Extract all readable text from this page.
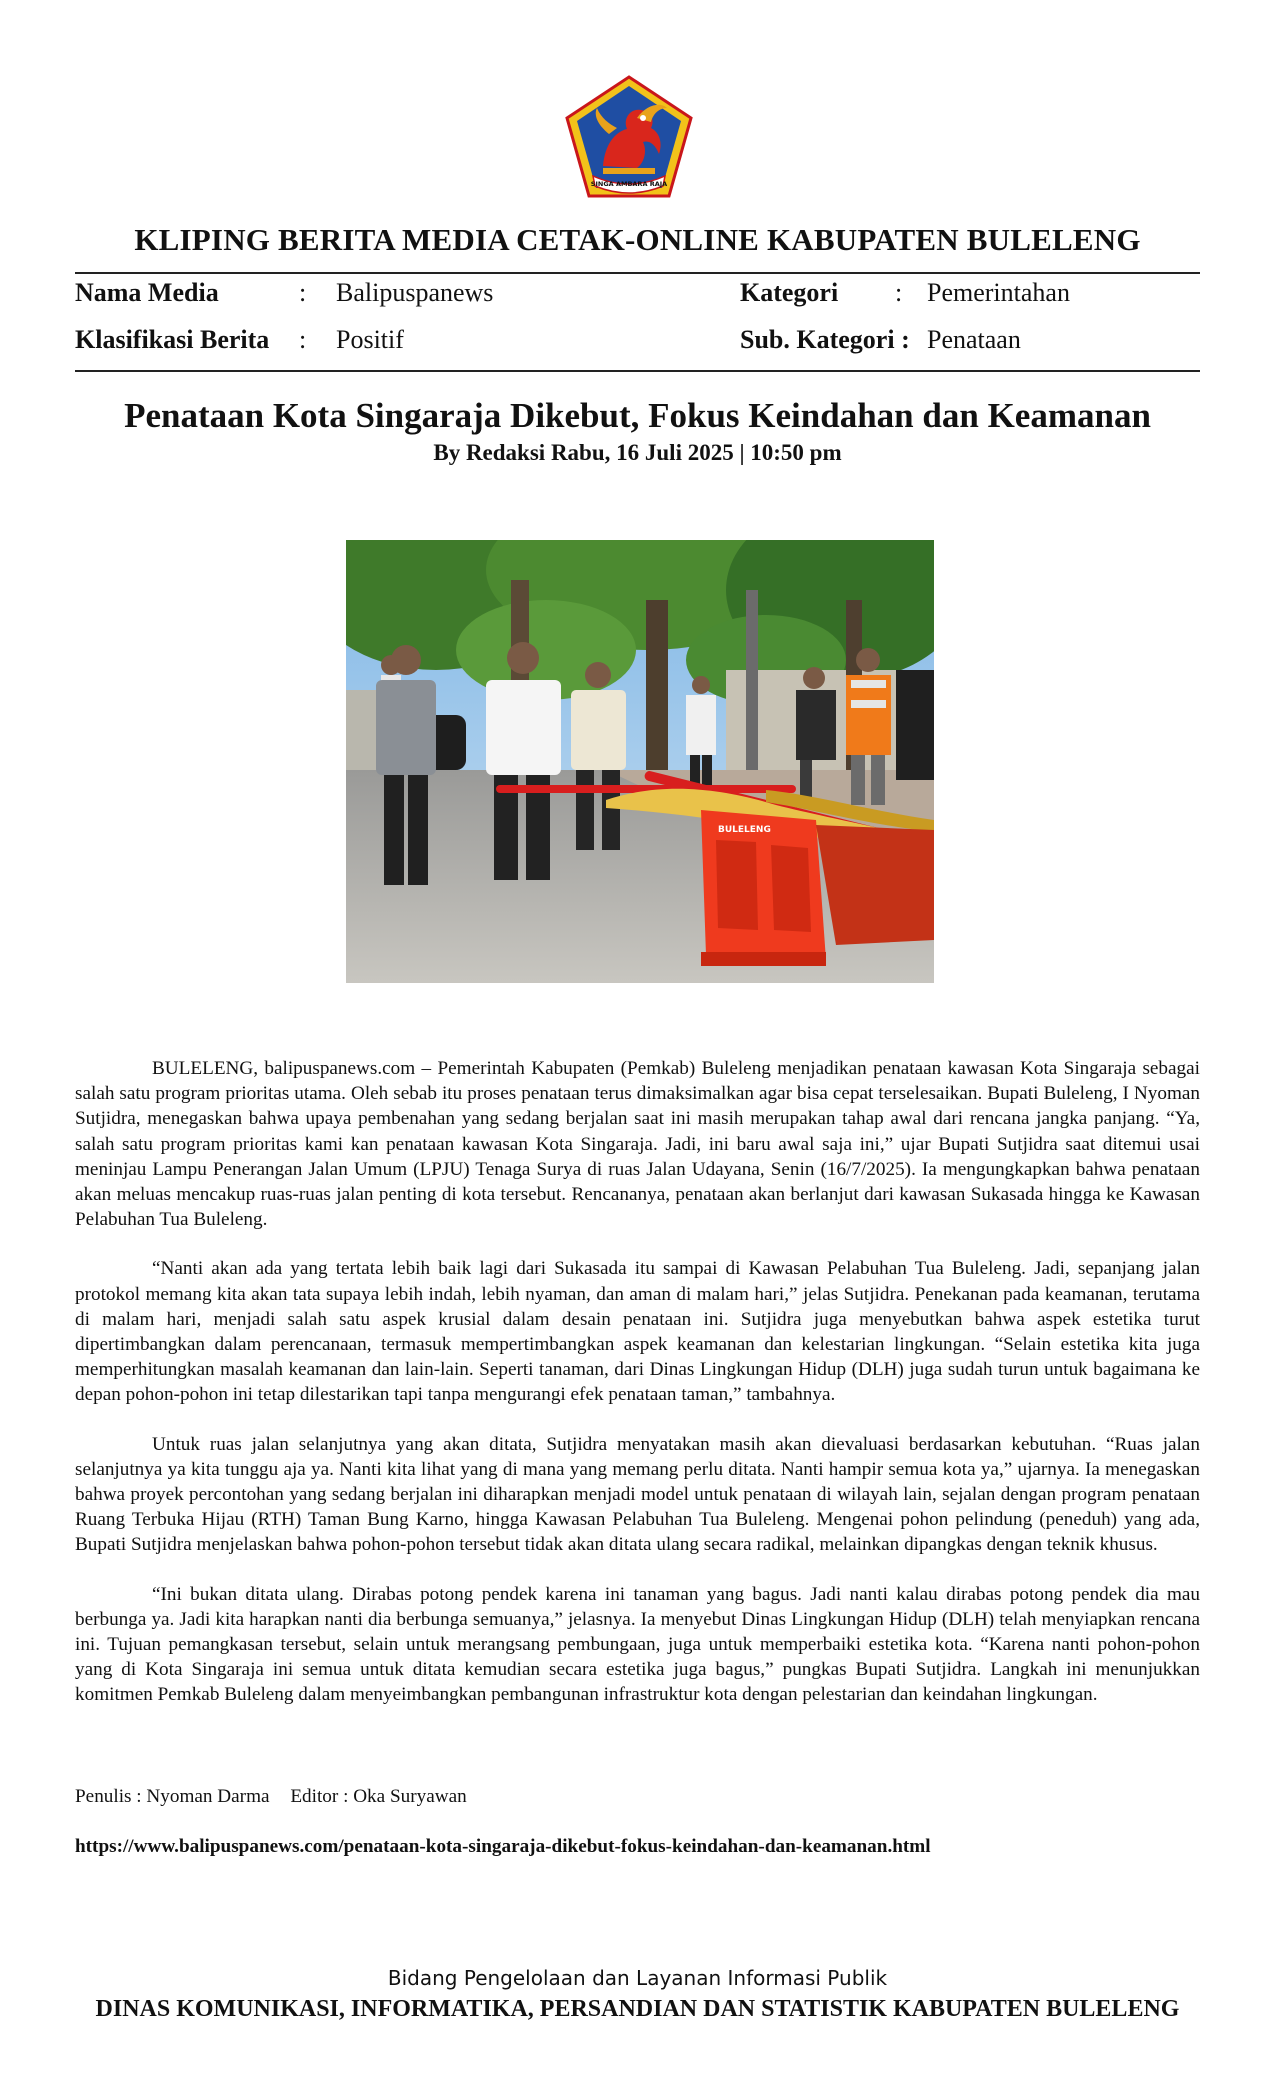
SINGA AMBARA RAJA
KLIPING BERITA MEDIA CETAK-ONLINE KABUPATEN BULELENG
Nama Media	: Balipuspanews	Kategori : Pemerintahan
Klasifikasi Berita : Positif	Sub. Kategori : Penataan
Penataan Kota Singaraja Dikebut, Fokus Keindahan dan Keamanan
By Redaksi Rabu, 16 Juli 2025 | 10:50 pm
BULELENG

BULELENG, balipuspanews.com – Pemerintah Kabupaten (Pemkab) Buleleng menjadikan penataan kawasan Kota Singaraja sebagai salah satu program prioritas utama. Oleh sebab itu proses penataan terus dimaksimalkan agar bisa cepat terselesaikan. Bupati Buleleng, I Nyoman Sutjidra, menegaskan bahwa upaya pembenahan yang sedang berjalan saat ini masih merupakan tahap awal dari rencana jangka panjang. “Ya, salah satu program prioritas kami kan penataan kawasan Kota Singaraja. Jadi, ini baru awal saja ini,” ujar Bupati Sutjidra saat ditemui usai meninjau Lampu Penerangan Jalan Umum (LPJU) Tenaga Surya di ruas Jalan Udayana, Senin (16/7/2025). Ia mengungkapkan bahwa penataan akan meluas mencakup ruas-ruas jalan penting di kota tersebut. Rencananya, penataan akan berlanjut dari kawasan Sukasada hingga ke Kawasan Pelabuhan Tua Buleleng.

“Nanti akan ada yang tertata lebih baik lagi dari Sukasada itu sampai di Kawasan Pelabuhan Tua Buleleng. Jadi, sepanjang jalan protokol memang kita akan tata supaya lebih indah, lebih nyaman, dan aman di malam hari,” jelas Sutjidra. Penekanan pada keamanan, terutama di malam hari, menjadi salah satu aspek krusial dalam desain penataan ini. Sutjidra juga menyebutkan bahwa aspek estetika turut dipertimbangkan dalam perencanaan, termasuk mempertimbangkan aspek keamanan dan kelestarian lingkungan. “Selain estetika kita juga memperhitungkan masalah keamanan dan lain-lain. Seperti tanaman, dari Dinas Lingkungan Hidup (DLH) juga sudah turun untuk bagaimana ke depan pohon-pohon ini tetap dilestarikan tapi tanpa mengurangi efek penataan taman,” tambahnya.

Untuk ruas jalan selanjutnya yang akan ditata, Sutjidra menyatakan masih akan dievaluasi berdasarkan kebutuhan. “Ruas jalan selanjutnya ya kita tunggu aja ya. Nanti kita lihat yang di mana yang memang perlu ditata. Nanti hampir semua kota ya,” ujarnya. Ia menegaskan bahwa proyek percontohan yang sedang berjalan ini diharapkan menjadi model untuk penataan di wilayah lain, sejalan dengan program penataan Ruang Terbuka Hijau (RTH) Taman Bung Karno, hingga Kawasan Pelabuhan Tua Buleleng. Mengenai pohon pelindung (peneduh) yang ada, Bupati Sutjidra menjelaskan bahwa pohon-pohon tersebut tidak akan ditata ulang secara radikal, melainkan dipangkas dengan teknik khusus.

“Ini bukan ditata ulang. Dirabas potong pendek karena ini tanaman yang bagus. Jadi nanti kalau dirabas potong pendek dia mau berbunga ya. Jadi kita harapkan nanti dia berbunga semuanya,” jelasnya. Ia menyebut Dinas Lingkungan Hidup (DLH) telah menyiapkan rencana ini. Tujuan pemangkasan tersebut, selain untuk merangsang pembungaan, juga untuk memperbaiki estetika kota. “Karena nanti pohon-pohon yang di Kota Singaraja ini semua untuk ditata kemudian secara estetika juga bagus,” pungkas Bupati Sutjidra. Langkah ini menunjukkan komitmen Pemkab Buleleng dalam menyeimbangkan pembangunan infrastruktur kota dengan pelestarian dan keindahan lingkungan.

Penulis : Nyoman Darma Editor : Oka Suryawan
https://www.balipuspanews.com/penataan-kota-singaraja-dikebut-fokus-keindahan-dan-keamanan.html
Bidang Pengelolaan dan Layanan Informasi Publik
DINAS KOMUNIKASI, INFORMATIKA, PERSANDIAN DAN STATISTIK KABUPATEN BULELENG
